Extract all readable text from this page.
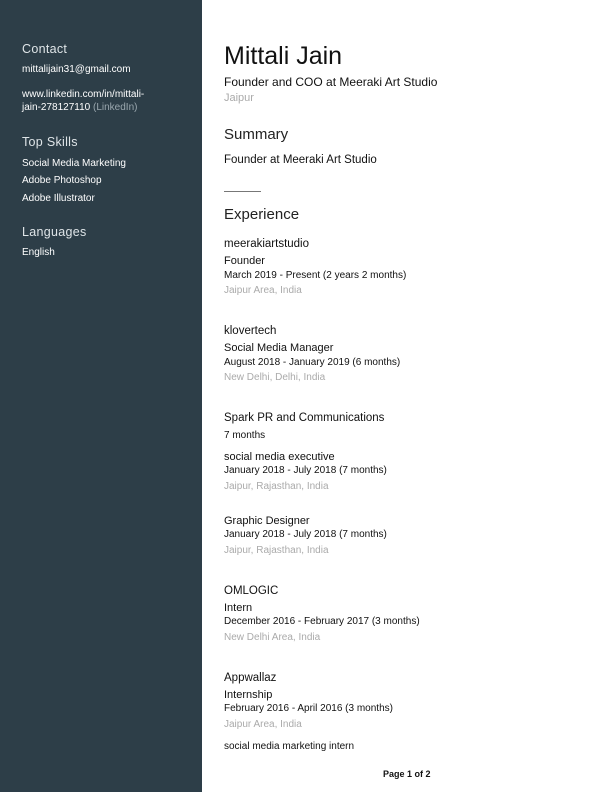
Contact
mittalijain31@gmail.com
www.linkedin.com/in/mittali-
jain-278127110 (LinkedIn)
Top Skills
Social Media Marketing
Adobe Photoshop
Adobe Illustrator
Languages
English
Mittali Jain
Founder and COO at Meeraki Art Studio
Jaipur
Summary
Founder at Meeraki Art Studio
Experience
meerakiartstudio
Founder
March 2019 - Present (2 years 2 months)
Jaipur Area, India
klovertech
Social Media Manager
August 2018 - January 2019 (6 months)
New Delhi, Delhi, India
Spark PR and Communications
7 months
social media executive
January 2018 - July 2018 (7 months)
Jaipur, Rajasthan, India
Graphic Designer
January 2018 - July 2018 (7 months)
Jaipur, Rajasthan, India
OMLOGIC
Intern
December 2016 - February 2017 (3 months)
New Delhi Area, India
Appwallaz
Internship
February 2016 - April 2016 (3 months)
Jaipur Area, India
social media marketing intern
Page 1 of 2
